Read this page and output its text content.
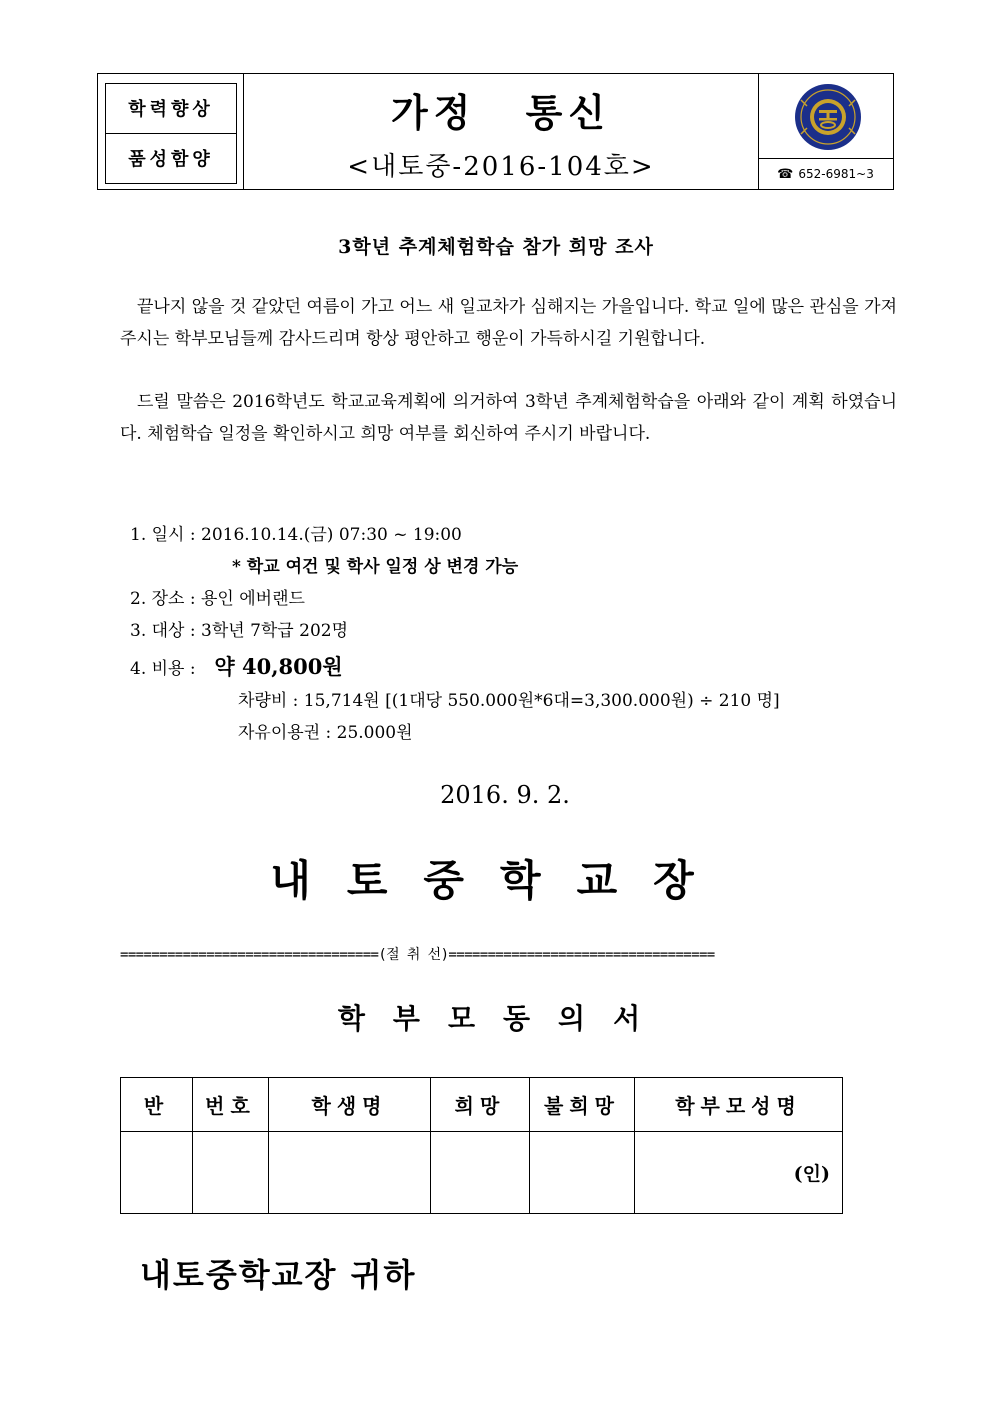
학력향상
품성함양
가정 통신
<내토중-2016-104호>	☎ 652-6981~3
3학년 추계체험학습 참가 희망 조사
끝나지 않을 것 같았던 여름이 가고 어느 새 일교차가 심해지는 가을입니다. 학교 일에 많은 관심을 가져 주시는 학부모님들께 감사드리며 항상 평안하고 행운이 가득하시길 기원합니다.
드릴 말씀은 2016학년도 학교교육계획에 의거하여 3학년 추계체험학습을 아래와 같이 계획 하였습니다. 체험학습 일정을 확인하시고 희망 여부를 회신하여 주시기 바랍니다.
1. 일시 : 2016.10.14.(금) 07:30 ~ 19:00
* 학교 여건 및 학사 일정 상 변경 가능
2. 장소 : 용인 에버랜드
3. 대상 : 3학년 7학급 202명
4. 비용 : 약 40,800원
차량비 : 15,714원 [(1대당 550.000원*6대=3,300.000원) ÷ 210 명]
자유이용권 : 25.000원
2016. 9. 2.
내토중학교장
=================================(절 취 선)==================================
학부모동의서
반	번호	학생명	희망	불희망	학부모성명

					(인)
내토중학교장 귀하
